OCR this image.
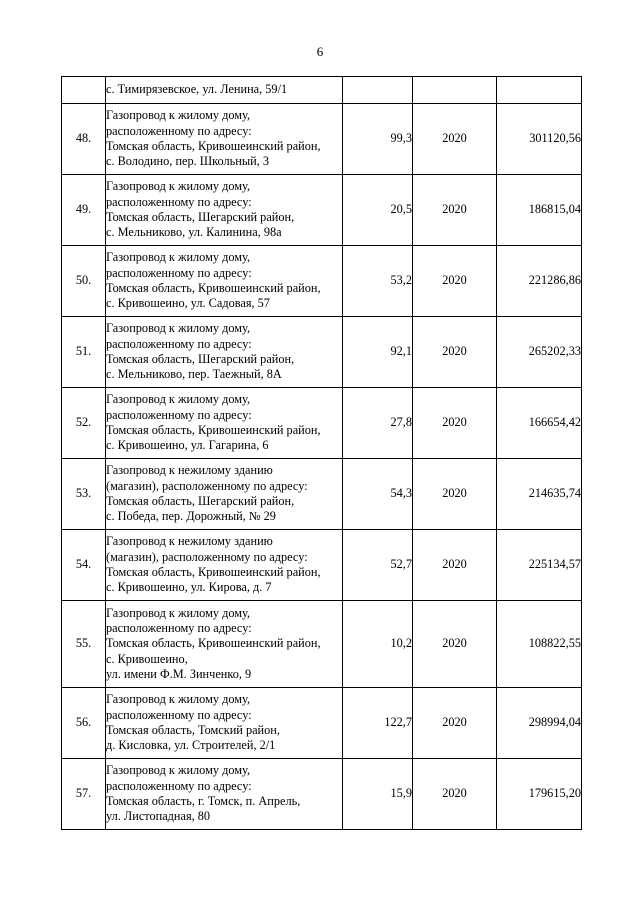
6

	с. Тимирязевское, ул. Ленина, 59/1			

48.	Газопровод к жилому дому,
расположенному по адресу:
Томская область, Кривошеинский район,
с. Володино, пер. Школьный, 3	99,3	2020	301120,56
49.	Газопровод к жилому дому,
расположенному по адресу:
Томская область, Шегарский район,
с. Мельниково, ул. Калинина, 98а	20,5	2020	186815,04
50.	Газопровод к жилому дому,
расположенному по адресу:
Томская область, Кривошеинский район,
с. Кривошеино, ул. Садовая, 57	53,2	2020	221286,86
51.	Газопровод к жилому дому,
расположенному по адресу:
Томская область, Шегарский район,
с. Мельниково, пер. Таежный, 8А	92,1	2020	265202,33
52.	Газопровод к жилому дому,
расположенному по адресу:
Томская область, Кривошеинский район,
с. Кривошеино, ул. Гагарина, 6	27,8	2020	166654,42
53.	Газопровод к нежилому зданию
(магазин), расположенному по адресу:
Томская область, Шегарский район,
с. Победа, пер. Дорожный, № 29	54,3	2020	214635,74
54.	Газопровод к нежилому зданию
(магазин), расположенному по адресу:
Томская область, Кривошеинский район,
с. Кривошеино, ул. Кирова, д. 7	52,7	2020	225134,57
55.	Газопровод к жилому дому,
расположенному по адресу:
Томская область, Кривошеинский район,
с. Кривошеино,
ул. имени Ф.М. Зинченко, 9	10,2	2020	108822,55
56.	Газопровод к жилому дому,
расположенному по адресу:
Томская область, Томский район,
д. Кисловка, ул. Строителей, 2/1	122,7	2020	298994,04
57.	Газопровод к жилому дому,
расположенному по адресу:
Томская область, г. Томск, п. Апрель,
ул. Листопадная, 80	15,9	2020	179615,20
